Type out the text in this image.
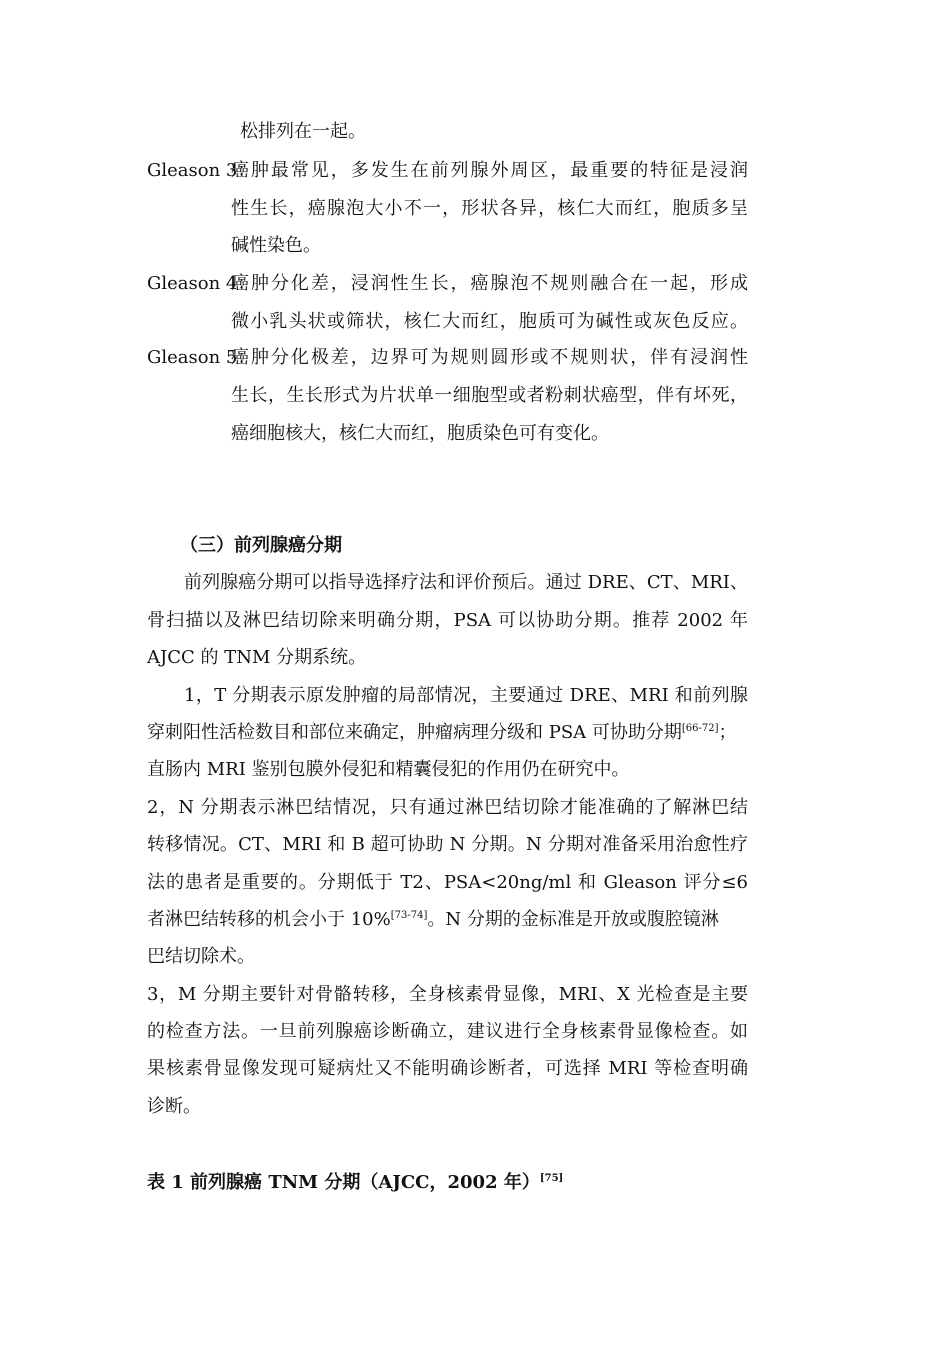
松排列在一起。
Gleason 3：
癌肿最常见，多发生在前列腺外周区，最重要的特征是浸润
性生长，癌腺泡大小不一，形状各异，核仁大而红，胞质多呈
碱性染色。
Gleason 4：
癌肿分化差，浸润性生长，癌腺泡不规则融合在一起，形成
微小乳头状或筛状，核仁大而红，胞质可为碱性或灰色反应。
Gleason 5：
癌肿分化极差，边界可为规则圆形或不规则状，伴有浸润性
生长，生长形式为片状单一细胞型或者粉刺状癌型，伴有坏死，
癌细胞核大，核仁大而红，胞质染色可有变化。
（三）前列腺癌分期
前列腺癌分期可以指导选择疗法和评价预后。通过 DRE、CT、MRI、
骨扫描以及淋巴结切除来明确分期，PSA 可以协助分期。推荐 2002 年
AJCC 的 TNM 分期系统。
1，T 分期表示原发肿瘤的局部情况，主要通过 DRE、MRI 和前列腺
穿刺阳性活检数目和部位来确定，肿瘤病理分级和 PSA 可协助分期[66-72]；
直肠内 MRI 鉴别包膜外侵犯和精囊侵犯的作用仍在研究中。
2，N 分期表示淋巴结情况，只有通过淋巴结切除才能准确的了解淋巴结
转移情况。CT、MRI 和 B 超可协助 N 分期。N 分期对准备采用治愈性疗
法的患者是重要的。分期低于 T2、PSA<20ng/ml 和 Gleason 评分≤6
者淋巴结转移的机会小于 10%[73-74]。N 分期的金标准是开放或腹腔镜淋
巴结切除术。
3，M 分期主要针对骨骼转移，全身核素骨显像，MRI、X 光检查是主要
的检查方法。一旦前列腺癌诊断确立，建议进行全身核素骨显像检查。如
果核素骨显像发现可疑病灶又不能明确诊断者，可选择 MRI 等检查明确
诊断。
表 1 前列腺癌 TNM 分期（AJCC，2002 年）[75]
